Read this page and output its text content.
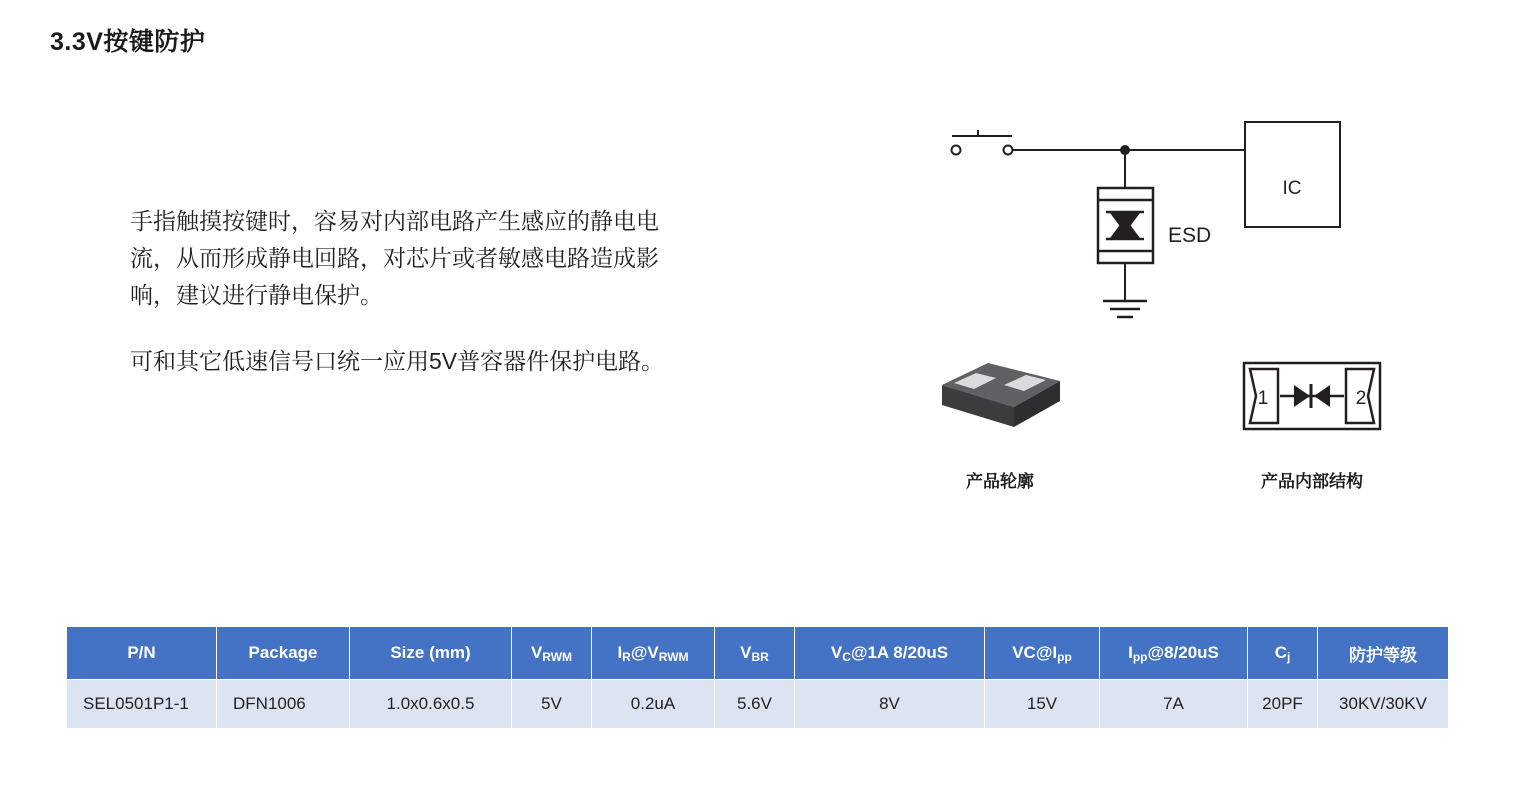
3.3V按键防护

手指触摸按键时，容易对内部电路产生感应的静电电流，从而形成静电回路，对芯片或者敏感电路造成影响，建议进行静电保护。

可和其它低速信号口统一应用5V普容器件保护电路。

IC
ESD
产品轮廓
1	2
产品内部结构
P/N	Package	Size (mm)	$V_{RWM}$	$I_R@V_{RWM}$	$V_{BR}$	$V_C@1A$ 8/20uS	$VC@I_{pp}$	$I_{pp}@8/20uS$	$C_j$	防护等级
SEL0501P1-1	DFN1006	1.0x0.6x0.5	5V	0.2uA	5.6V	8V	15V	7A	20PF	30KV/30KV
